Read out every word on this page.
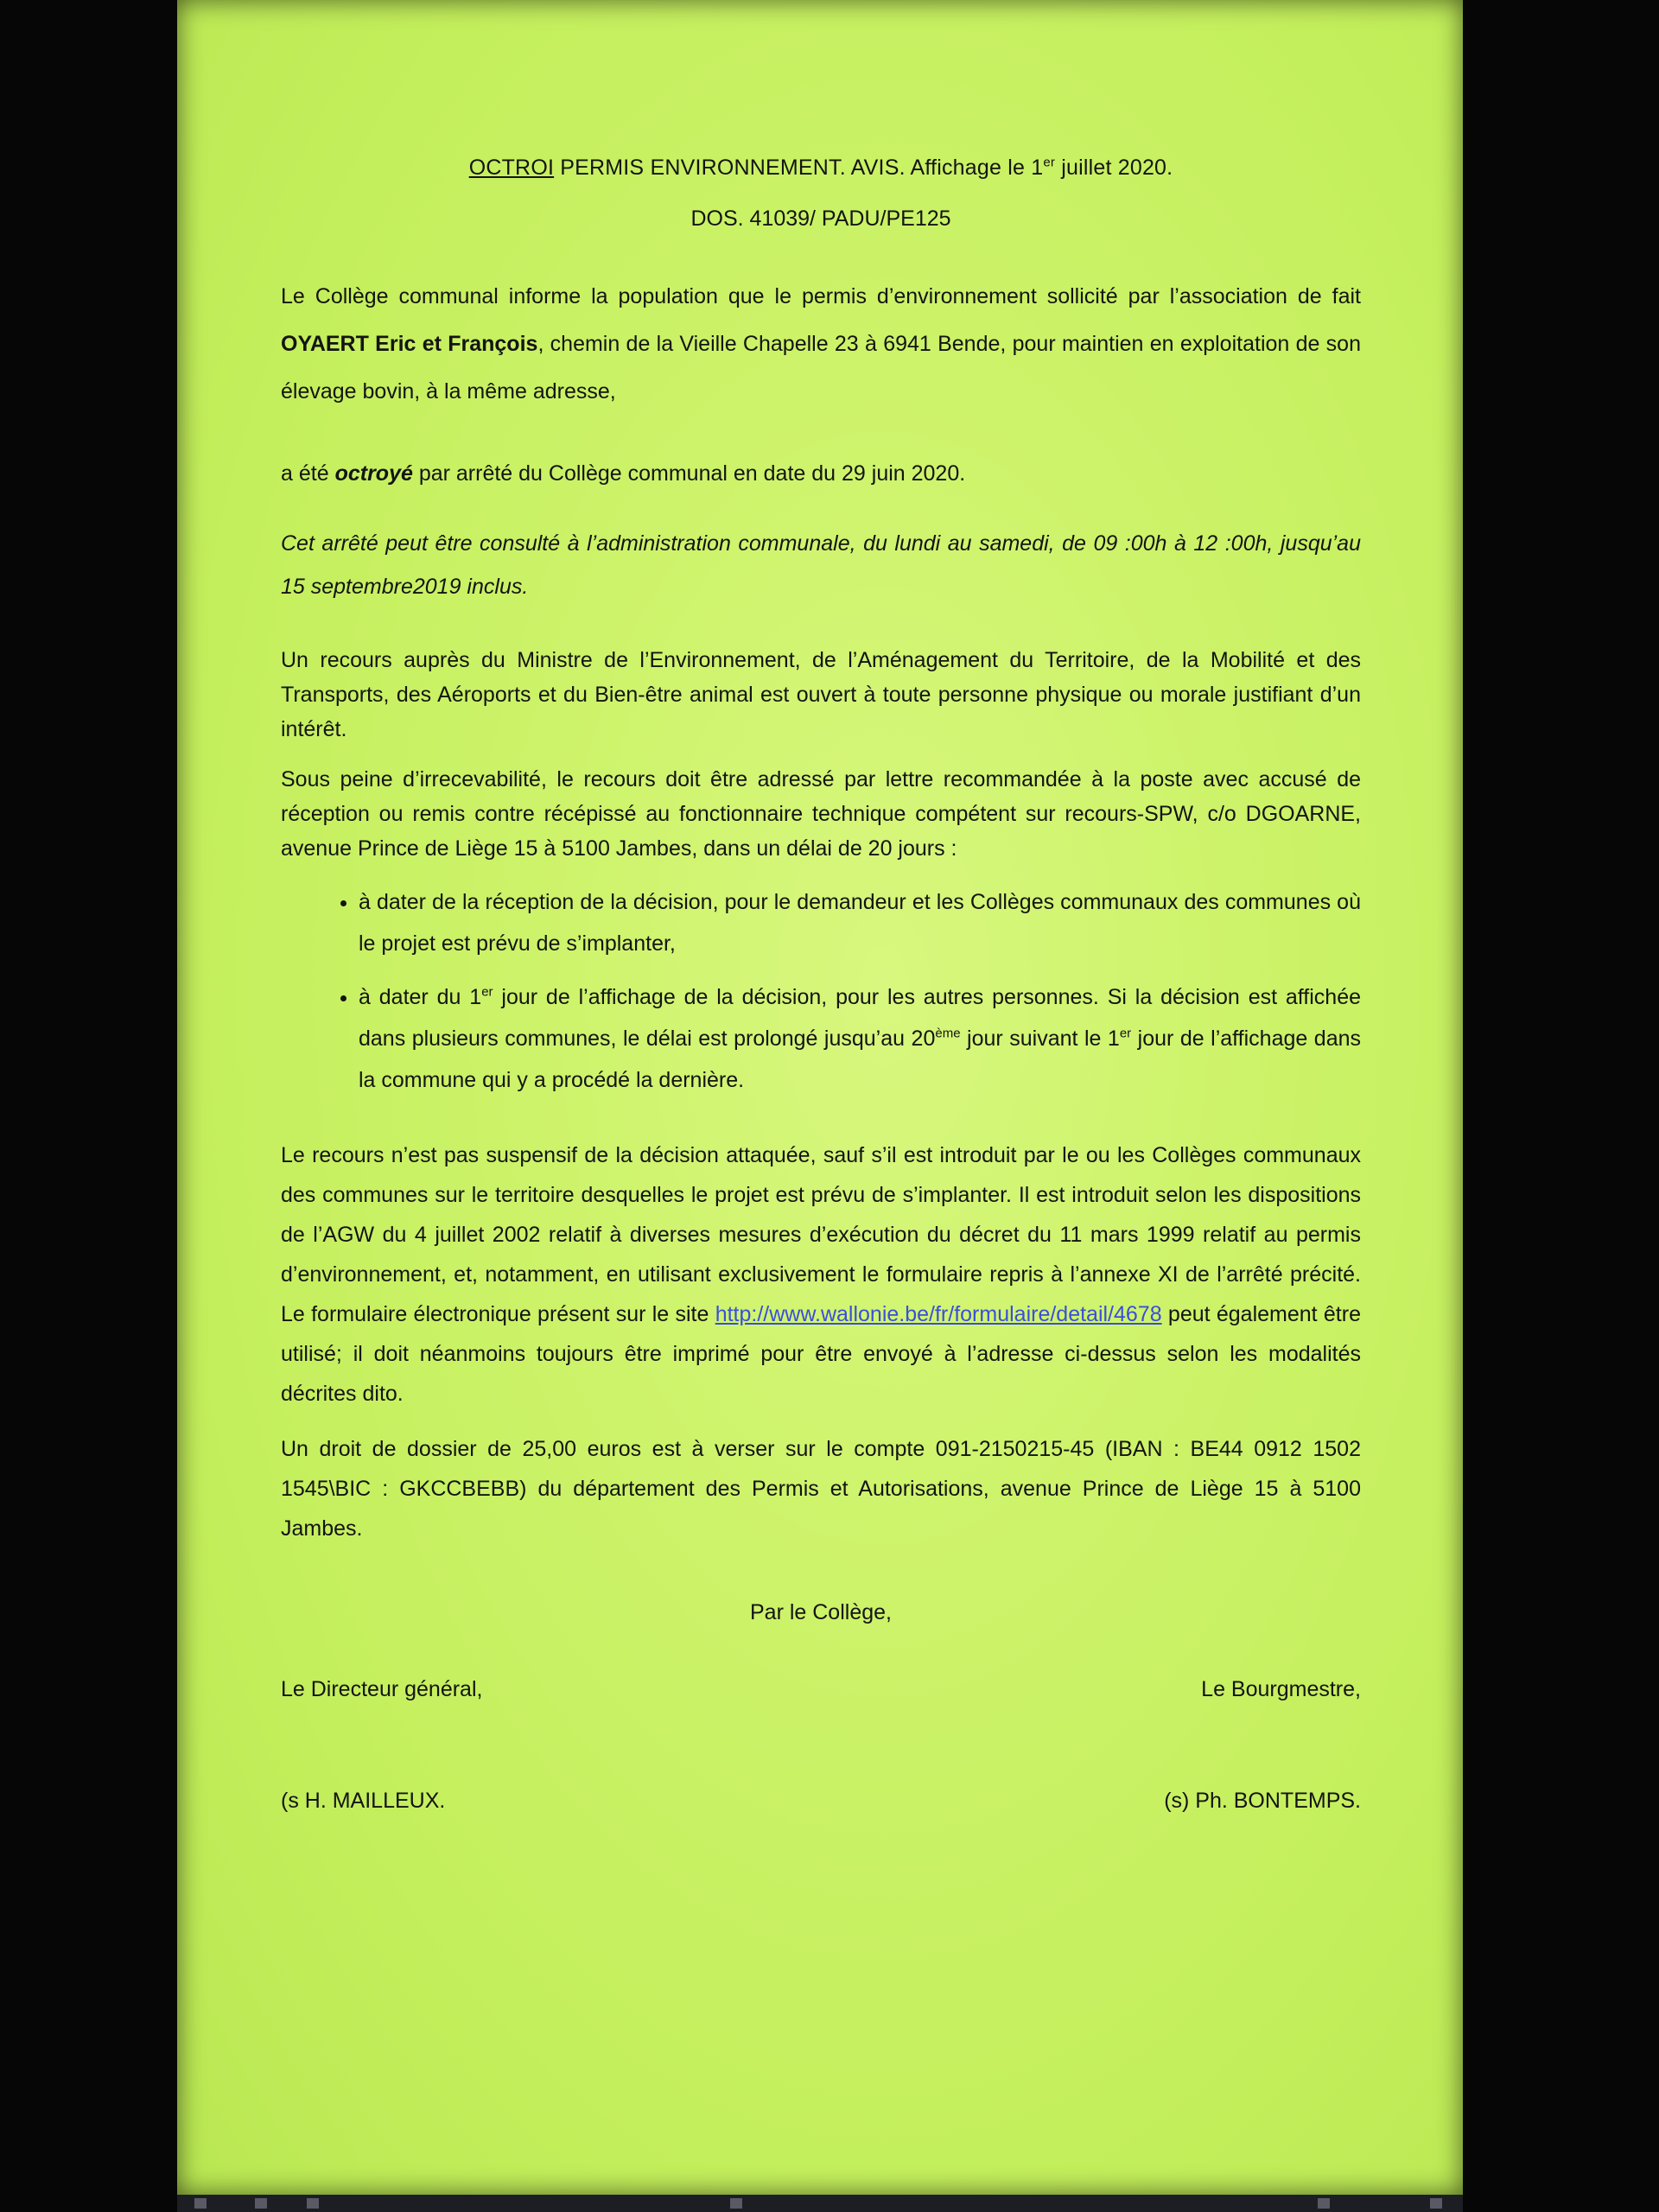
OCTROI PERMIS ENVIRONNEMENT. AVIS. Affichage le 1er juillet 2020.
DOS. 41039/ PADU/PE125

Le Collège communal informe la population que le permis d’environnement sollicité par l’association de fait OYAERT Eric et François, chemin de la Vieille Chapelle 23 à 6941 Bende, pour maintien en exploitation de son élevage bovin, à la même adresse,

a été octroyé par arrêté du Collège communal en date du 29 juin 2020.

Cet arrêté peut être consulté à l’administration communale, du lundi au samedi, de 09 :00h à 12 :00h, jusqu’au 15 septembre2019 inclus.

Un recours auprès du Ministre de l’Environnement, de l’Aménagement du Territoire, de la Mobilité et des Transports, des Aéroports et du Bien-être animal est ouvert à toute personne physique ou morale justifiant d’un intérêt.

Sous peine d’irrecevabilité, le recours doit être adressé par lettre recommandée à la poste avec accusé de réception ou remis contre récépissé au fonctionnaire technique compétent sur recours-SPW, c/o DGOARNE, avenue Prince de Liège 15 à 5100 Jambes, dans un délai de 20 jours :

• à dater de la réception de la décision, pour le demandeur et les Collèges communaux des communes où le projet est prévu de s’implanter,
• à dater du 1er jour de l’affichage de la décision, pour les autres personnes. Si la décision est affichée dans plusieurs communes, le délai est prolongé jusqu’au 20ème jour suivant le 1er jour de l’affichage dans la commune qui y a procédé la dernière.

Le recours n’est pas suspensif de la décision attaquée, sauf s’il est introduit par le ou les Collèges communaux des communes sur le territoire desquelles le projet est prévu de s’implanter. Il est introduit selon les dispositions de l’AGW du 4 juillet 2002 relatif à diverses mesures d’exécution du décret du 11 mars 1999 relatif au permis d’environnement, et, notamment, en utilisant exclusivement le formulaire repris à l’annexe XI de l’arrêté précité. Le formulaire électronique présent sur le site http://www.wallonie.be/fr/formulaire/detail/4678 peut également être utilisé; il doit néanmoins toujours être imprimé pour être envoyé à l’adresse ci-dessus selon les modalités décrites dito.

Un droit de dossier de 25,00 euros est à verser sur le compte 091-2150215-45 (IBAN : BE44 0912 1502 1545\BIC : GKCCBEBB) du département des Permis et Autorisations, avenue Prince de Liège 15 à 5100 Jambes.

Par le Collège,
Le Directeur général,	Le Bourgmestre,
(s H. MAILLEUX.	(s) Ph. BONTEMPS.
